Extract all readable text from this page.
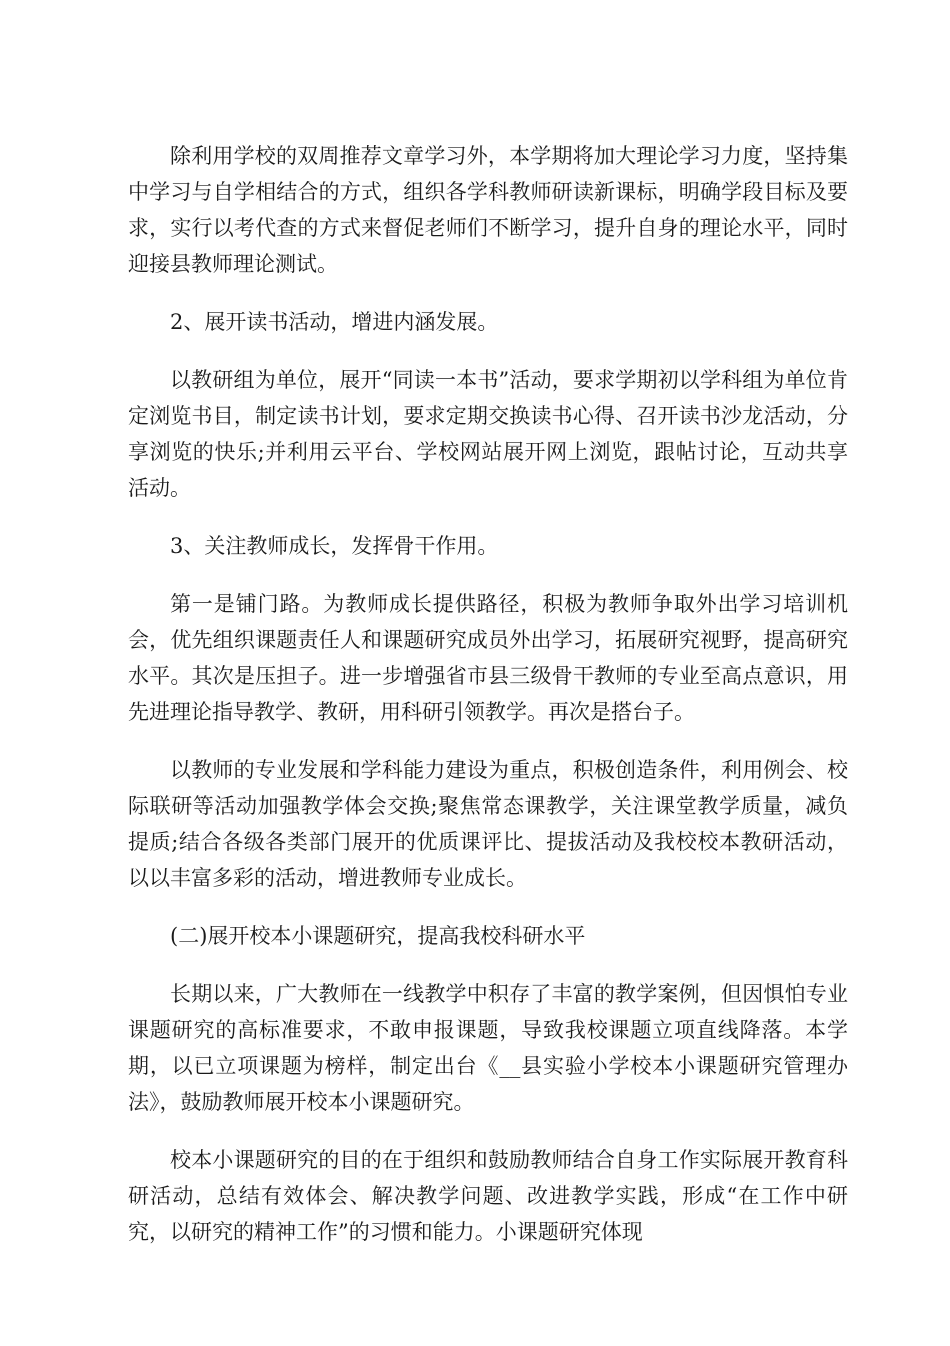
除利用学校的双周推荐文章学习外，本学期将加大理论学习力度，坚持集中学习与自学相结合的方式，组织各学科教师研读新课标，明确学段目标及要求，实行以考代查的方式来督促老师们不断学习，提升自身的理论水平，同时迎接县教师理论测试。

2、展开读书活动，增进内涵发展。

以教研组为单位，展开“同读一本书”活动，要求学期初以学科组为单位肯定浏览书目，制定读书计划，要求定期交换读书心得、召开读书沙龙活动，分享浏览的快乐;并利用云平台、学校网站展开网上浏览，跟帖讨论，互动共享活动。

3、关注教师成长，发挥骨干作用。

第一是铺门路。为教师成长提供路径，积极为教师争取外出学习培训机会，优先组织课题责任人和课题研究成员外出学习，拓展研究视野，提高研究水平。其次是压担子。进一步增强省市县三级骨干教师的专业至高点意识，用先进理论指导教学、教研，用科研引领教学。再次是搭台子。

以教师的专业发展和学科能力建设为重点，积极创造条件，利用例会、校际联研等活动加强教学体会交换;聚焦常态课教学，关注课堂教学质量，减负提质;结合各级各类部门展开的优质课评比、提拔活动及我校校本教研活动，以以丰富多彩的活动，增进教师专业成长。

(二)展开校本小课题研究，提高我校科研水平

长期以来，广大教师在一线教学中积存了丰富的教学案例，但因惧怕专业课题研究的高标准要求，不敢申报课题，导致我校课题立项直线降落。本学期，以已立项课题为榜样，制定出台《__县实验小学校本小课题研究管理办法》，鼓励教师展开校本小课题研究。

校本小课题研究的目的在于组织和鼓励教师结合自身工作实际展开教育科研活动，总结有效体会、解决教学问题、改进教学实践，形成“在工作中研究，以研究的精神工作”的习惯和能力。小课题研究体现
